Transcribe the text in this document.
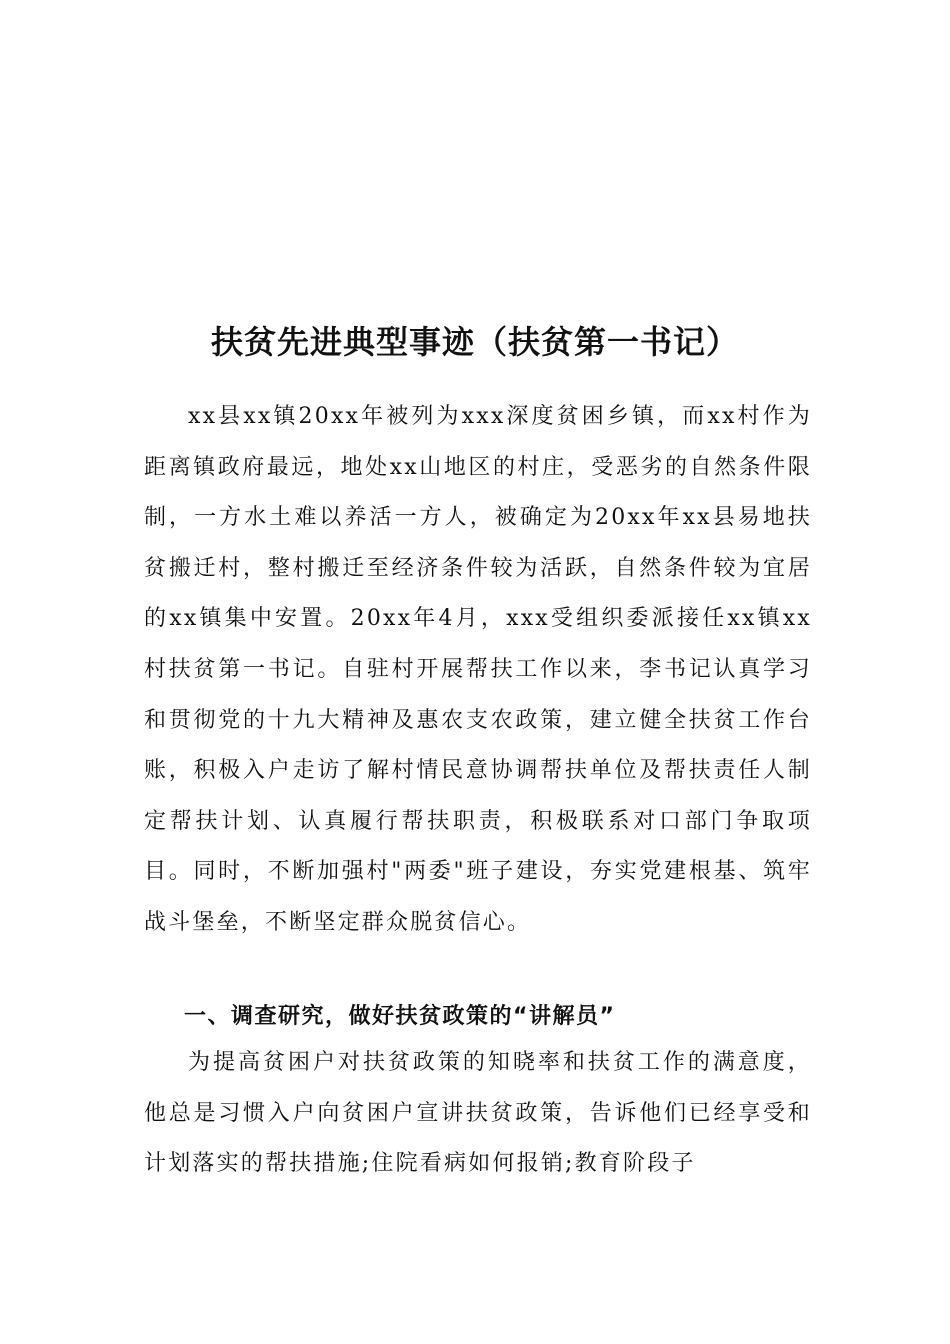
扶贫先进典型事迹（扶贫第一书记）

xx县xx镇20xx年被列为xxx深度贫困乡镇，而xx村作为距离镇政府最远，地处xx山地区的村庄，受恶劣的自然条件限制，一方水土难以养活一方人，被确定为20xx年xx县易地扶贫搬迁村，整村搬迁至经济条件较为活跃，自然条件较为宜居的xx镇集中安置。20xx年4月，xxx受组织委派接任xx镇xx村扶贫第一书记。自驻村开展帮扶工作以来，李书记认真学习和贯彻党的十九大精神及惠农支农政策，建立健全扶贫工作台账，积极入户走访了解村情民意协调帮扶单位及帮扶责任人制定帮扶计划、认真履行帮扶职责，积极联系对口部门争取项目。同时，不断加强村"两委"班子建设，夯实党建根基、筑牢战斗堡垒，不断坚定群众脱贫信心。

一、调查研究，做好扶贫政策的“讲解员”

为提高贫困户对扶贫政策的知晓率和扶贫工作的满意度，他总是习惯入户向贫困户宣讲扶贫政策，告诉他们已经享受和计划落实的帮扶措施;住院看病如何报销;教育阶段子
